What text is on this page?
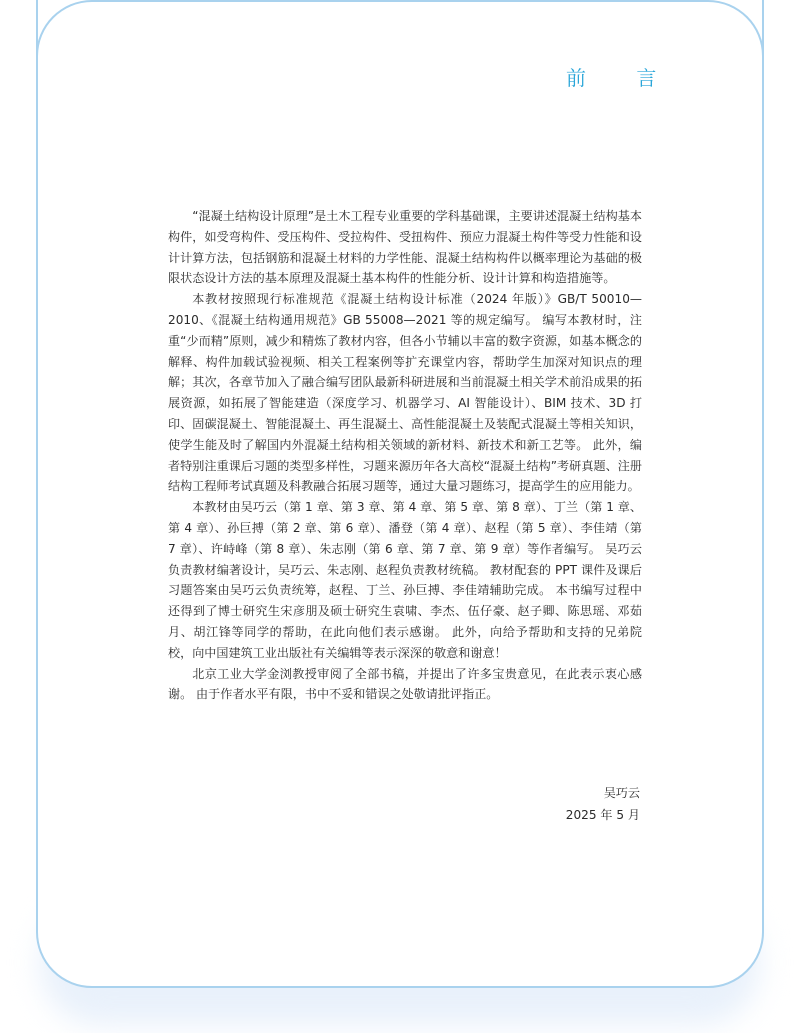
前 言

“混凝土结构设计原理”是土木工程专业重要的学科基础课，主要讲述混凝土结构基本构件，如受弯构件、受压构件、受拉构件、受扭构件、预应力混凝土构件等受力性能和设计计算方法，包括钢筋和混凝土材料的力学性能、混凝土结构构件以概率理论为基础的极限状态设计方法的基本原理及混凝土基本构件的性能分析、设计计算和构造措施等。

本教材按照现行标准规范《混凝土结构设计标准（2024 年版）》GB/T 50010—2010、《混凝土结构通用规范》GB 55008—2021 等的规定编写。 编写本教材时，注重“少而精”原则，减少和精炼了教材内容，但各小节辅以丰富的数字资源，如基本概念的解释、构件加载试验视频、相关工程案例等扩充课堂内容，帮助学生加深对知识点的理解；其次，各章节加入了融合编写团队最新科研进展和当前混凝土相关学术前沿成果的拓展资源，如拓展了智能建造（深度学习、机器学习、AI 智能设计）、BIM 技术、3D 打印、固碳混凝土、智能混凝土、再生混凝土、高性能混凝土及装配式混凝土等相关知识，使学生能及时了解国内外混凝土结构相关领域的新材料、新技术和新工艺等。 此外，编者特别注重课后习题的类型多样性，习题来源历年各大高校“混凝土结构”考研真题、注册结构工程师考试真题及科教融合拓展习题等，通过大量习题练习，提高学生的应用能力。

本教材由吴巧云（第 1 章、第 3 章、第 4 章、第 5 章、第 8 章）、丁兰（第 1 章、第 4 章）、孙巨搏（第 2 章、第 6 章）、潘登（第 4 章）、赵程（第 5 章）、李佳靖（第 7 章）、许峙峰（第 8 章）、朱志刚（第 6 章、第 7 章、第 9 章）等作者编写。 吴巧云负责教材编著设计，吴巧云、朱志刚、赵程负责教材统稿。 教材配套的 PPT 课件及课后习题答案由吴巧云负责统筹，赵程、丁兰、孙巨搏、李佳靖辅助完成。 本书编写过程中还得到了博士研究生宋彦朋及硕士研究生袁啸、李杰、伍仔豪、赵子卿、陈思瑶、邓茹月、胡江锋等同学的帮助，在此向他们表示感谢。 此外，向给予帮助和支持的兄弟院校，向中国建筑工业出版社有关编辑等表示深深的敬意和谢意！

北京工业大学金浏教授审阅了全部书稿，并提出了许多宝贵意见，在此表示衷心感谢。 由于作者水平有限，书中不妥和错误之处敬请批评指正。

吴巧云
2025 年 5 月
